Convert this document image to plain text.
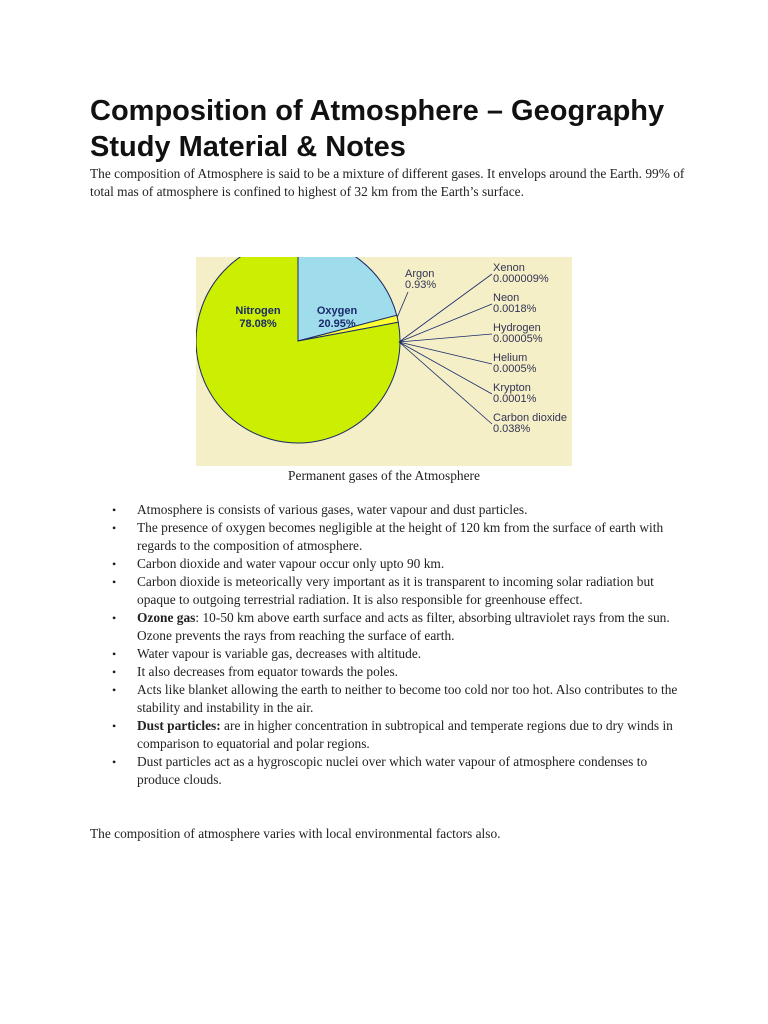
Composition of Atmosphere – Geography Study Material & Notes

The composition of Atmosphere is said to be a mixture of different gases. It envelops around the Earth. 99% of total mas of atmosphere is confined to highest of 32 km from the Earth’s surface.

Nitrogen
78.08%
Oxygen
20.95%
Argon
0.93%
Xenon
0.000009%
Neon
0.0018%
Hydrogen
0.00005%
Helium
0.0005%
Krypton
0.0001%
Carbon dioxide
0.038%
Permanent gases of the Atmosphere
• Atmosphere is consists of various gases, water vapour and dust particles.
• The presence of oxygen becomes negligible at the height of 120 km from the surface of earth with regards to the composition of atmosphere.
• Carbon dioxide and water vapour occur only upto 90 km.
• Carbon dioxide is meteorically very important as it is transparent to incoming solar radiation but opaque to outgoing terrestrial radiation. It is also responsible for greenhouse effect.
• Ozone gas: 10-50 km above earth surface and acts as filter, absorbing ultraviolet rays from the sun. Ozone prevents the rays from reaching the surface of earth.
• Water vapour is variable gas, decreases with altitude.
• It also decreases from equator towards the poles.
• Acts like blanket allowing the earth to neither to become too cold nor too hot. Also contributes to the stability and instability in the air.
• Dust particles: are in higher concentration in subtropical and temperate regions due to dry winds in comparison to equatorial and polar regions.
• Dust particles act as a hygroscopic nuclei over which water vapour of atmosphere condenses to produce clouds.

The composition of atmosphere varies with local environmental factors also.
